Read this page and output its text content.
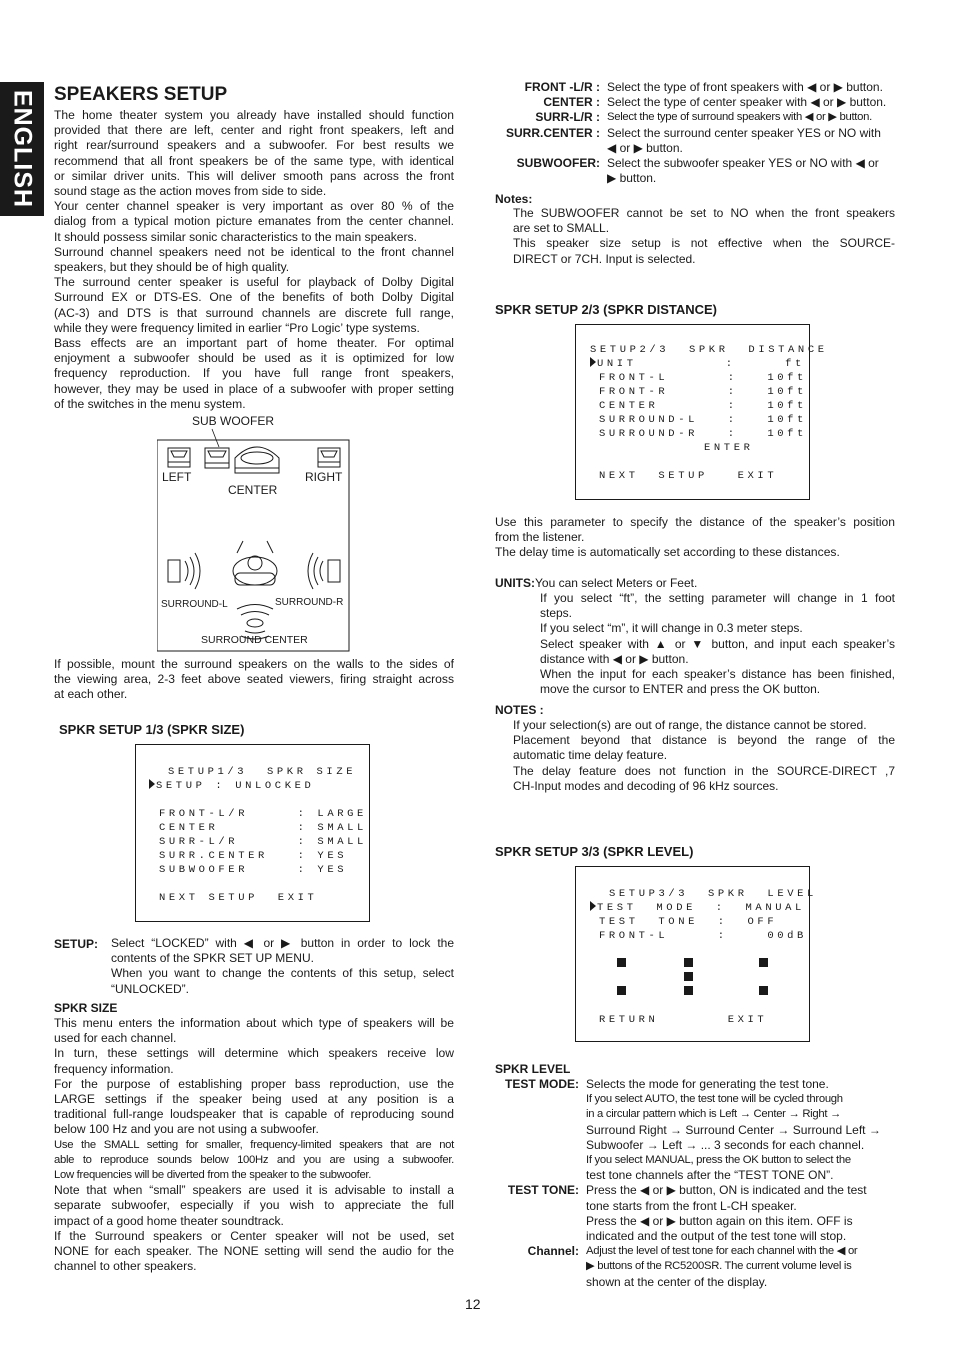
ENGLISH SPEAKERS SETUP

The home theater system you already have installed should function
provided that there are left, center and right front speakers, left and
right rear/surround speakers and a subwoofer. For best results we
recommend that all front speakers be of the same type, with identical
or similar driver units. This will deliver smooth pans across the front
sound stage as the action moves from side to side.
Your center channel speaker is very important as over 80 % of the
dialog from a typical motion picture emanates from the center channel.
It should possess similar sonic characteristics to the main speakers.
Surround channel speakers need not be identical to the front channel
speakers, but they should be of high quality.
The surround center speaker is useful for playback of Dolby Digital
Surround EX or DTS-ES. One of the benefits of both Dolby Digital
(AC-3) and DTS is that surround channels are discrete full range,
while they were frequency limited in earlier “Pro Logic’ type systems.
Bass effects are an important part of home theater. For optimal
enjoyment a subwoofer should be used as it is optimized for low
frequency reproduction. If you have full range front speakers,
however, they may be used in place of a subwoofer with proper setting
of the switches in the menu system.

SUB WOOFER
LEFT
CENTER
RIGHT
SURROUND-L	SURROUND-R
SURROUND CENTER

If possible, mount the surround speakers on the walls to the sides of
the viewing area, 2-3 feet above seated viewers, firing straight across
at each other.

SPKR SETUP 1/3 (SPKR SIZE)

SETUP1/3  SPKR SIZE

SETUP : UNLOCKED

FRONT-L/R     : LARGE

CENTER        : SMALL

SURR-L/R      : SMALL

SURR.CENTER   : YES

SUBWOOFER     : YES

NEXT SETUP  EXIT

SETUP:	Select “LOCKED” with ◀ or ▶ button in order to lock the
contents of the SPKR SET UP MENU.
When you want to change the contents of this setup, select
“UNLOCKED”.
SPKR SIZE

This menu enters the information about which type of speakers will be
used for each channel.
In turn, these settings will determine which speakers receive low
frequency information.
For the purpose of establishing proper bass reproduction, use the
LARGE settings if the speaker being used at any position is a
traditional full-range loudspeaker that is capable of reproducing sound
below 100 Hz and you are not using a subwoofer.
Use the SMALL setting for smaller, frequency-limited speakers that are not
able to reproduce sounds below 100Hz and you are using a subwoofer.
Low frequencies will be diverted from the speaker to the subwoofer.
Note that when “small” speakers are used it is advisable to install a
separate subwoofer, especially if you wish to appreciate the full
impact of a good home theater soundtrack.
If the Surround speakers or Center speaker will not be used, set
NONE for each speaker. The NONE setting will send the audio for the
channel to other speakers.

FRONT -L/R : Select the type of front speakers with ◀ or ▶ button.
CENTER : Select the type of center speaker with ◀ or ▶ button.
SURR-L/R : Select the type of surround speakers with ◀ or ▶ button.
SURR.CENTER : Select the surround center speaker YES or NO with
◀ or ▶ button.
SUBWOOFER: Select the subwoofer speaker YES or NO with ◀ or
▶ button.
Notes:
The SUBWOOFER cannot be set to NO when the front speakers
are set to SMALL.
This speaker size setup is not effective when the SOURCE-
DIRECT or 7CH. Input is selected.
SPKR SETUP 2/3 (SPKR DISTANCE)

SETUP2/3  SPKR  DISTANCE

UNIT         :     ft

FRONT-L      :   10ft

FRONT-R      :   10ft

CENTER       :   10ft

SURROUND-L   :   10ft

SURROUND-R   :   10ft

ENTER

NEXT  SETUP   EXIT

Use this parameter to specify the distance of the speaker’s position
from the listener.
The delay time is automatically set according to these distances.

UNITS:You can select Meters or Feet.
If you select “ft”, the setting parameter will change in 1 foot
steps.
If you select “m”, it will change in 0.3 meter steps.
Select speaker with ▲ or ▼ button, and input each speaker’s
distance with ◀ or ▶ button.
When the input for each speaker’s distance has been finished,
move the cursor to ENTER and press the OK button.
NOTES :
If your selection(s) are out of range, the distance cannot be stored.
Placement beyond that distance is beyond the range of the
automatic time delay feature.
The delay feature does not function in the SOURCE-DIRECT ,7
CH-Input modes and decoding of 96 kHz sources.
SPKR SETUP 3/3 (SPKR LEVEL)

SETUP3/3  SPKR  LEVEL

TEST  MODE  :  MANUAL

TEST  TONE  :  OFF

FRONT-L     :    00dB

RETURN       EXIT

SPKR LEVEL
TEST MODE: Selects the mode for generating the test tone.
If you select AUTO, the test tone will be cycled through
in a circular pattern which is Left → Center → Right →
Surround Right → Surround Center → Surround Left →
Subwoofer → Left → ... 3 seconds for each channel.
If you select MANUAL, press the OK button to select the
test tone channels after the “TEST TONE ON”.
TEST TONE: Press the ◀ or ▶ button, ON is indicated and the test
tone starts from the front L-CH speaker.
Press the ◀ or ▶ button again on this item. OFF is
indicated and the output of the test tone will stop.
Channel: Adjust the level of test tone for each channel with the ◀ or
▶ buttons of the RC5200SR. The current volume level is
shown at the center of the display.
12
